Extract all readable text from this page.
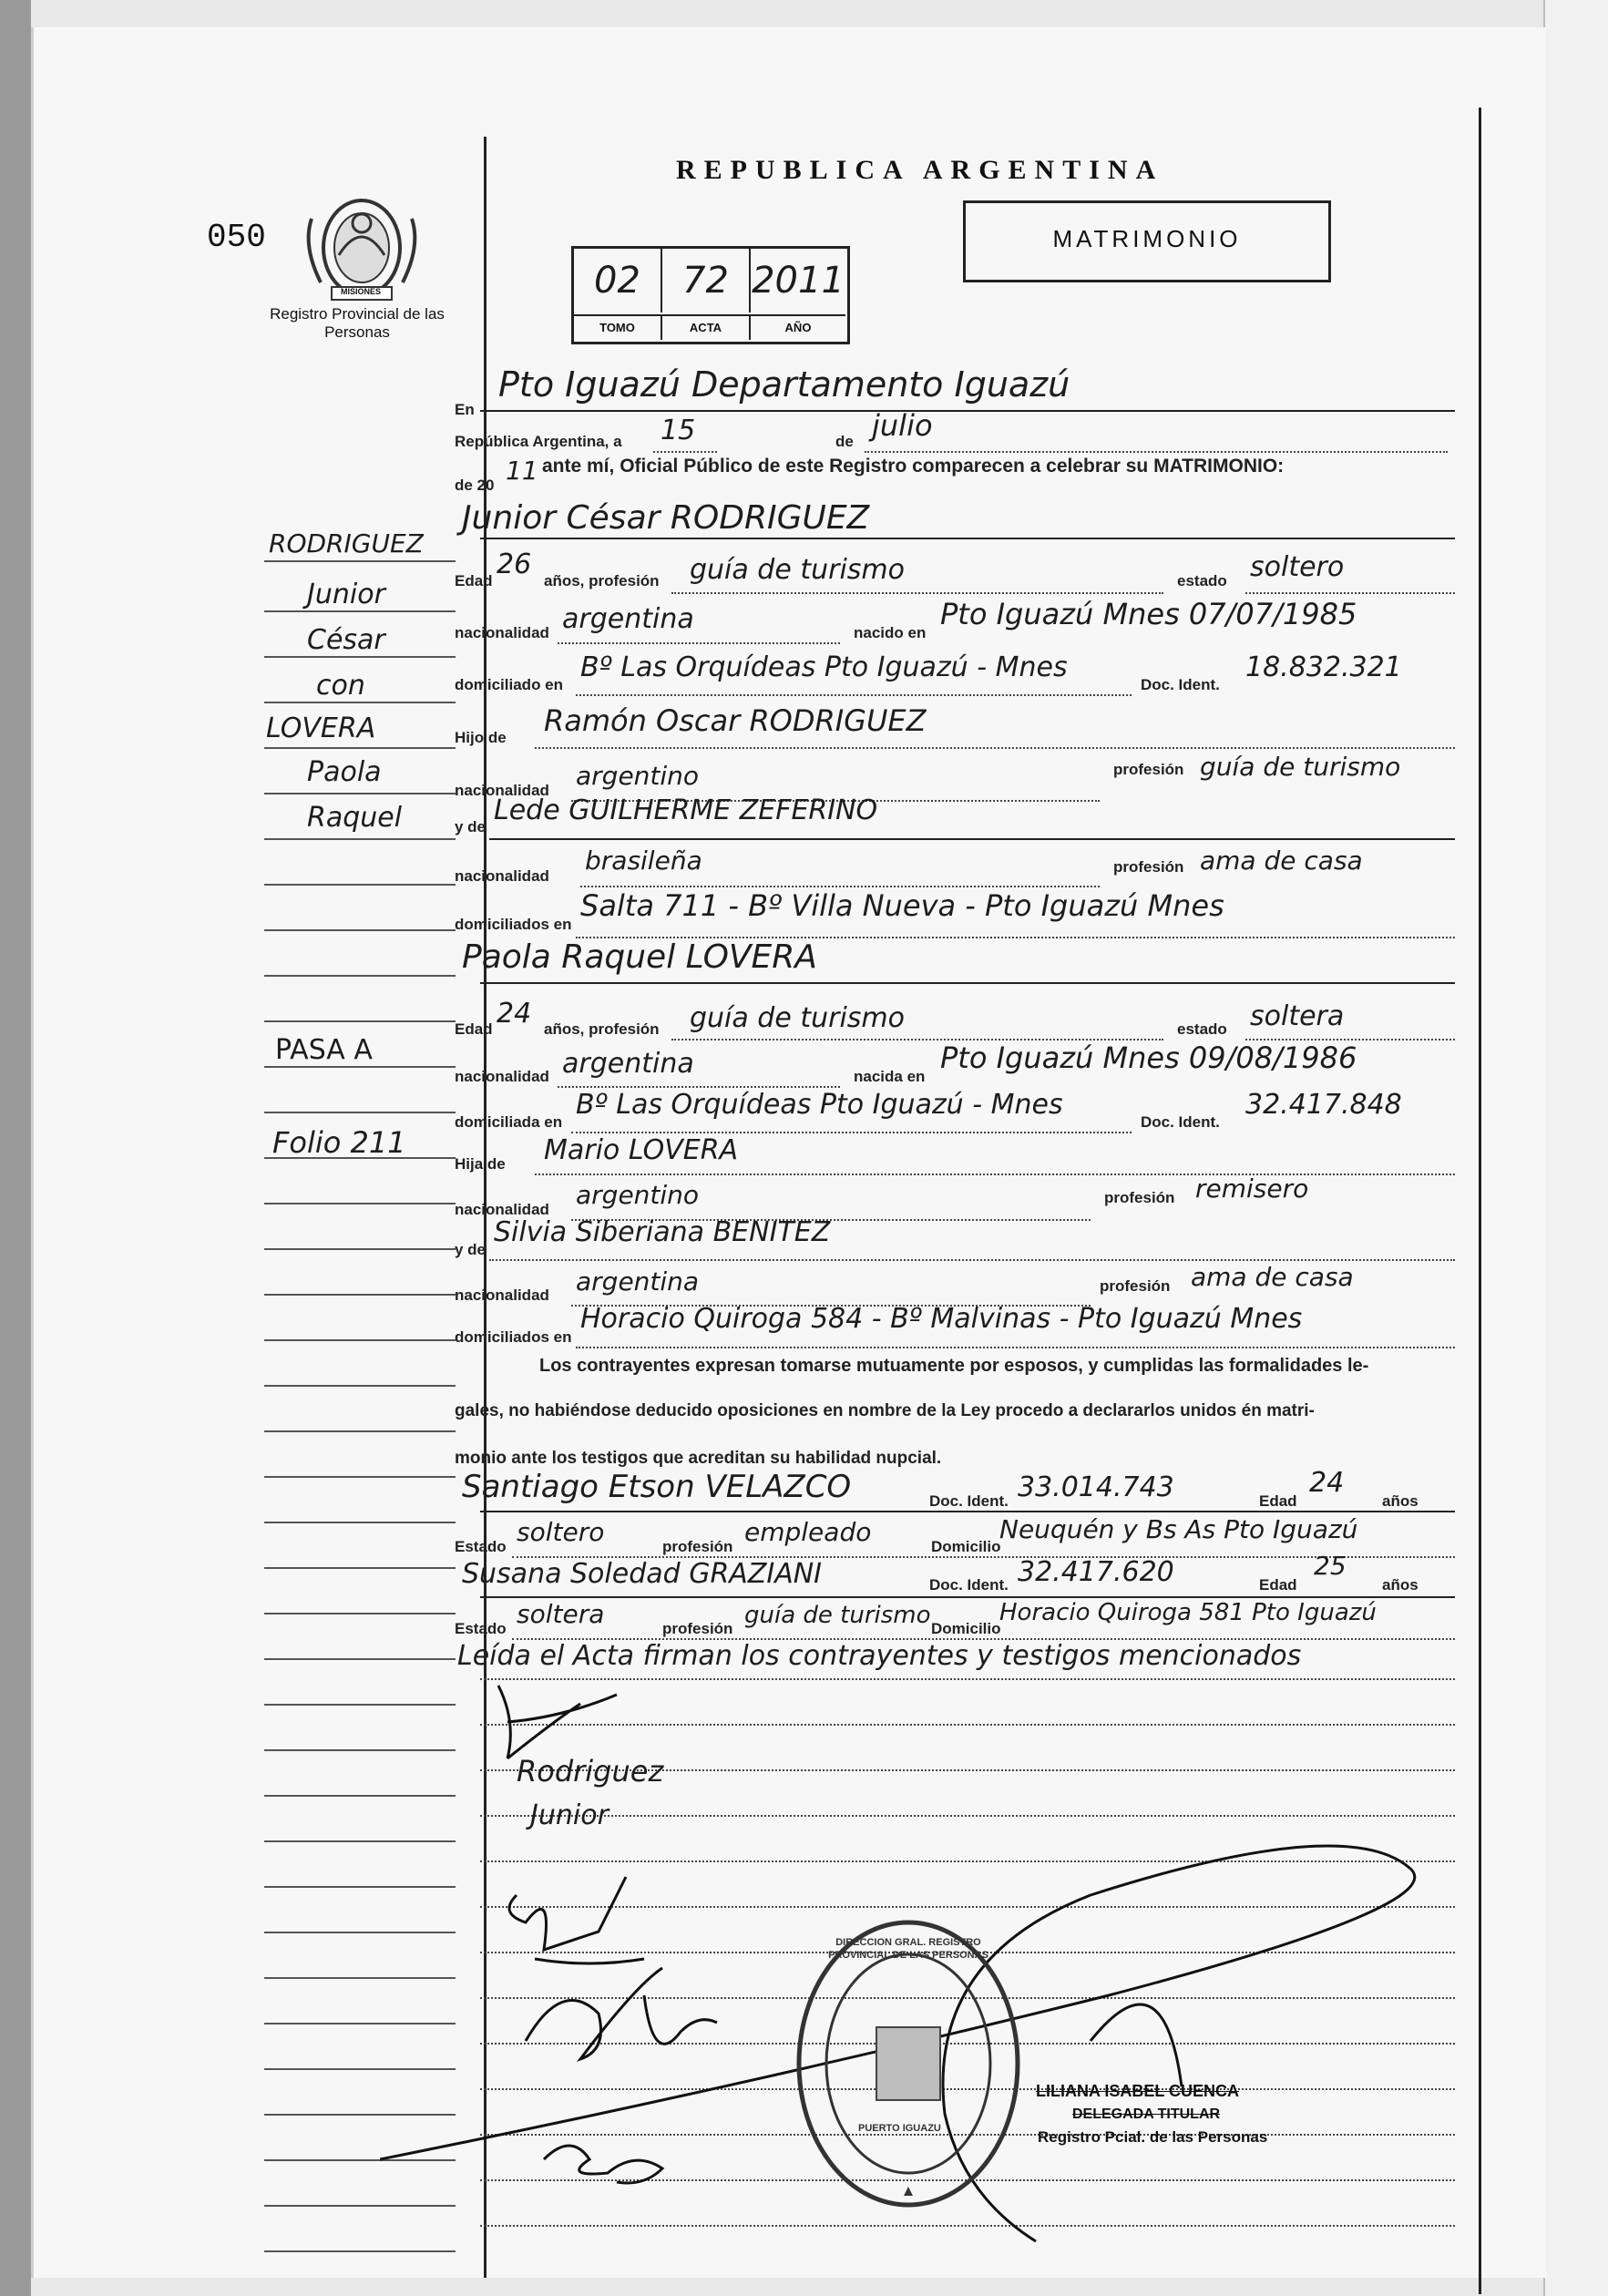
050
MISIONES
Registro Provincial de las Personas
REPUBLICA ARGENTINA
02	72 2011
TOMO	ACTA	AÑO
MATRIMONIO
RODRIGUEZ
Junior
César
con
LOVERA
Paola
Raquel
PASA A
Folio 211
En
Pto Iguazú Departamento Iguazú
República Argentina, a 15	de julio
de 20 11 ante mí, Oficial Público de este Registro comparecen a celebrar su MATRIMONIO:
Junior César RODRIGUEZ
Edad
26
años, profesión guía de turismo	estado soltero
nacionalidad argentina	nacido en
Pto Iguazú Mnes 07/07/1985
domiciliado en
Bº Las Orquídeas Pto Iguazú - Mnes
Doc. Ident.
18.832.321
Hijo de Ramón Oscar RODRIGUEZ
nacionalidad argentino	profesión guía de turismo
y de
Lede GUILHERME ZEFERINO
nacionalidad
brasileña	profesión ama de casa
domiciliados en
Salta 711 - Bº Villa Nueva - Pto Iguazú Mnes
Paola Raquel LOVERA
Edad 24 años, profesión guía de turismo	estado soltera
nacionalidad argentina	nacida en
Pto Iguazú Mnes 09/08/1986
domiciliada en
Bº Las Orquídeas Pto Iguazú - Mnes
Doc. Ident.
32.417.848
Hija de Mario LOVERA
nacionalidad argentino	profesión remisero
y de
Silvia Siberiana BENITEZ
nacionalidad argentina	profesión ama de casa
domiciliados en
Horacio Quiroga 584 - Bº Malvinas - Pto Iguazú Mnes
Los contrayentes expresan tomarse mutuamente por esposos, y cumplidas las formalidades le-
gales, no habiéndose deducido oposiciones en nombre de la Ley procedo a declararlos unidos én matri-
monio ante los testigos que acreditan su habilidad nupcial.
Santiago Etson VELAZCO	Doc. Ident. 33.014.743	Edad
24
años
Estado soltero	profesión empleado	Domicilio
Neuquén y Bs As Pto Iguazú
Susana Soledad GRAZIANI	Doc. Ident. 32.417.620	Edad
25
años
Estado soltera	profesión guía de turismo Domicilio
Horacio Quiroga 581 Pto Iguazú
Leída el Acta firman los contrayentes y testigos mencionados
Rodriguez
Junior
DIRECCION GRAL. REGISTRO PROVINCIAL DE LAS PERSONAS
PUERTO IGUAZU
LILIANA ISABEL CUENCA
DELEGADA TITULAR
Registro Pcial. de las Personas
